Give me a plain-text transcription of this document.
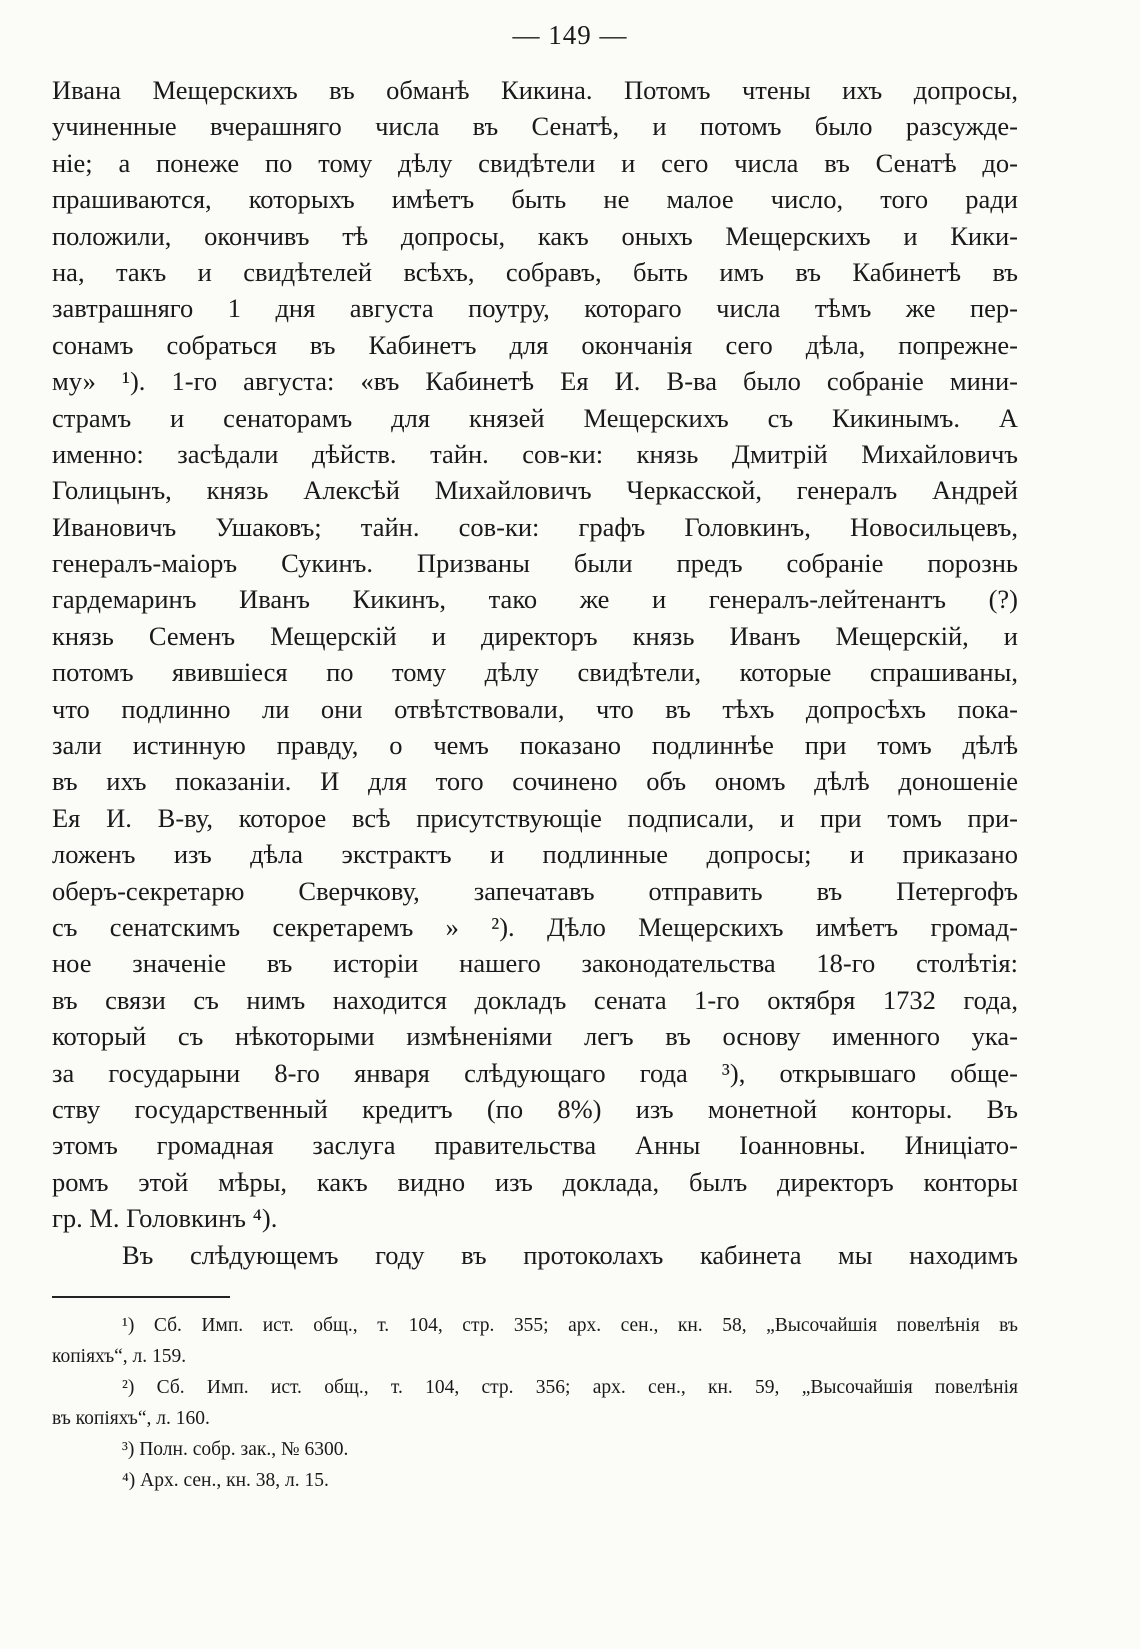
— 149 —
Ивана Мещерскихъ въ обманѣ Кикина. Потомъ чтены ихъ допросы,
учиненные вчерашняго числа въ Сенатѣ, и потомъ было разсужде-
ніе; а понеже по тому дѣлу свидѣтели и сего числа въ Сенатѣ до-
прашиваются, которыхъ имѣетъ быть не малое число, того ради
положили, окончивъ тѣ допросы, какъ оныхъ Мещерскихъ и Кики-
на, такъ и свидѣтелей всѣхъ, собравъ, быть имъ въ Кабинетѣ въ
завтрашняго 1 дня августа поутру, котораго числа тѣмъ же пер-
сонамъ собраться въ Кабинетъ для окончанія сего дѣла, попрежне-
му» ¹). 1-го августа: «въ Кабинетѣ Ея И. В-ва было собраніе мини-
страмъ и сенаторамъ для князей Мещерскихъ съ Кикинымъ. А
именно: засѣдали дѣйств. тайн. сов-ки: князь Дмитрій Михайловичъ
Голицынъ, князь Алексѣй Михайловичъ Черкасской, генералъ Андрей
Ивановичъ Ушаковъ; тайн. сов-ки: графъ Головкинъ, Новосильцевъ,
генералъ-маіоръ Сукинъ. Призваны были предъ собраніе порознь
гардемаринъ Иванъ Кикинъ, тако же и генералъ-лейтенантъ (?)
князь Семенъ Мещерскій и директоръ князь Иванъ Мещерскій, и
потомъ явившіеся по тому дѣлу свидѣтели, которые спрашиваны,
что подлинно ли они отвѣтствовали, что въ тѣхъ допросѣхъ пока-
зали истинную правду, о чемъ показано подлиннѣе при томъ дѣлѣ
въ ихъ показаніи. И для того сочинено объ ономъ дѣлѣ доношеніе
Ея И. В-ву, которое всѣ присутствующіе подписали, и при томъ при-
ложенъ изъ дѣла экстрактъ и подлинные допросы; и приказано
оберъ-секретарю Сверчкову, запечатавъ отправить въ Петергофъ
съ сенатскимъ секретаремъ » ²). Дѣло Мещерскихъ имѣетъ громад-
ное значеніе въ исторіи нашего законодательства 18-го столѣтія:
въ связи съ нимъ находится докладъ сената 1-го октября 1732 года,
который съ нѣкоторыми измѣненіями легъ въ основу именного ука-
за государыни 8-го января слѣдующаго года ³), открывшаго обще-
ству государственный кредитъ (по 8%) изъ монетной конторы. Въ
этомъ громадная заслуга правительства Анны Іоанновны. Иниціато-
ромъ этой мѣры, какъ видно изъ доклада, былъ директоръ конторы
гр. М. Головкинъ ⁴).
Въ слѣдующемъ году въ протоколахъ кабинета мы находимъ
¹) Сб. Имп. ист. общ., т. 104, стр. 355; арх. сен., кн. 58, „Высочайшія повелѣнія въ
копіяхъ“, л. 159.
²) Сб. Имп. ист. общ., т. 104, стр. 356; арх. сен., кн. 59, „Высочайшія повелѣнія
въ копіяхъ“, л. 160.
³) Полн. собр. зак., № 6300.
⁴) Арх. сен., кн. 38, л. 15.
